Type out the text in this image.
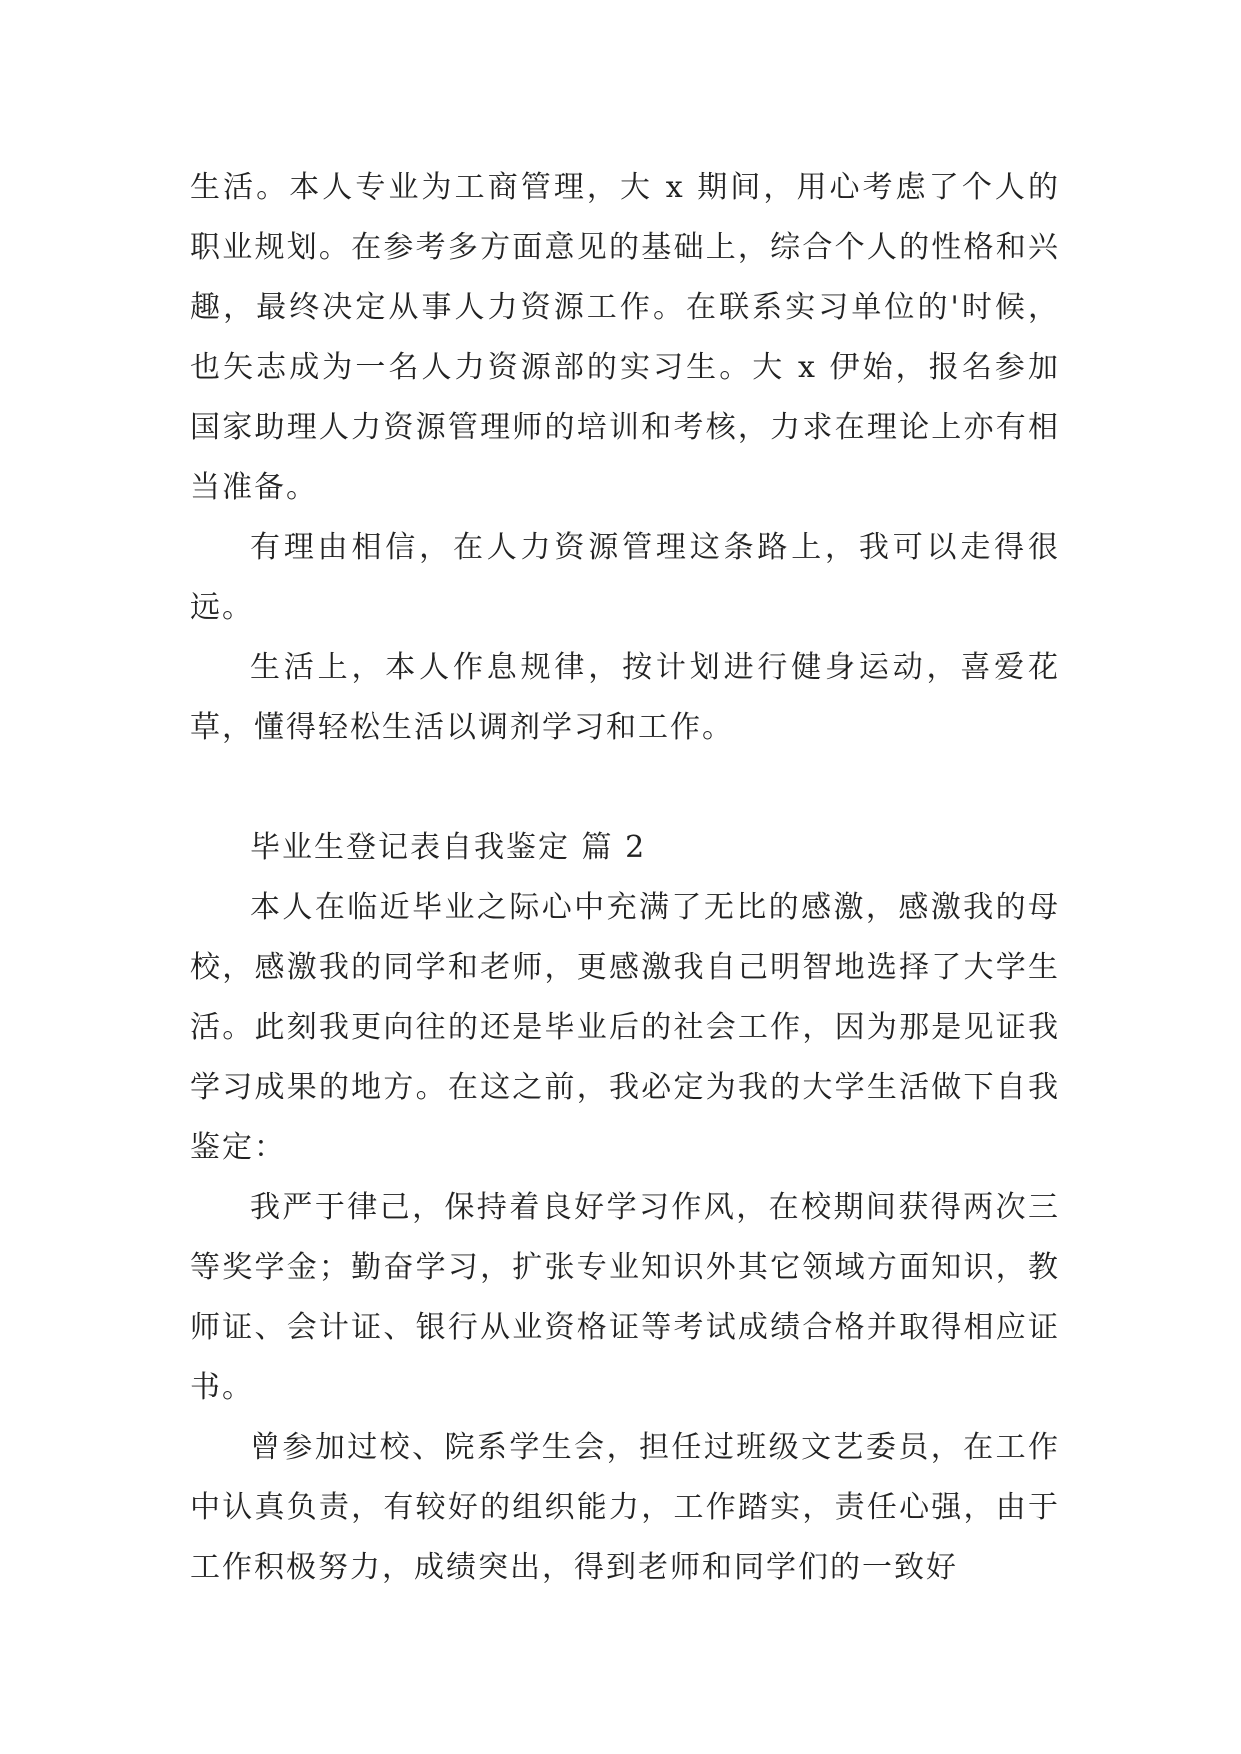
生活。本人专业为工商管理，大 x 期间，用心考虑了个人的职业规划。在参考多方面意见的基础上，综合个人的性格和兴趣，最终决定从事人力资源工作。在联系实习单位的'时候，也矢志成为一名人力资源部的实习生。大 x 伊始，报名参加国家助理人力资源管理师的培训和考核，力求在理论上亦有相当准备。

有理由相信，在人力资源管理这条路上，我可以走得很远。

生活上，本人作息规律，按计划进行健身运动，喜爱花草，懂得轻松生活以调剂学习和工作。

毕业生登记表自我鉴定 篇 2

本人在临近毕业之际心中充满了无比的感激，感激我的母校，感激我的同学和老师，更感激我自己明智地选择了大学生活。此刻我更向往的还是毕业后的社会工作，因为那是见证我学习成果的地方。在这之前，我必定为我的大学生活做下自我鉴定：

我严于律己，保持着良好学习作风，在校期间获得两次三等奖学金；勤奋学习，扩张专业知识外其它领域方面知识，教师证、会计证、银行从业资格证等考试成绩合格并取得相应证书。

曾参加过校、院系学生会，担任过班级文艺委员，在工作中认真负责，有较好的组织能力，工作踏实，责任心强，由于工作积极努力，成绩突出，得到老师和同学们的一致好
